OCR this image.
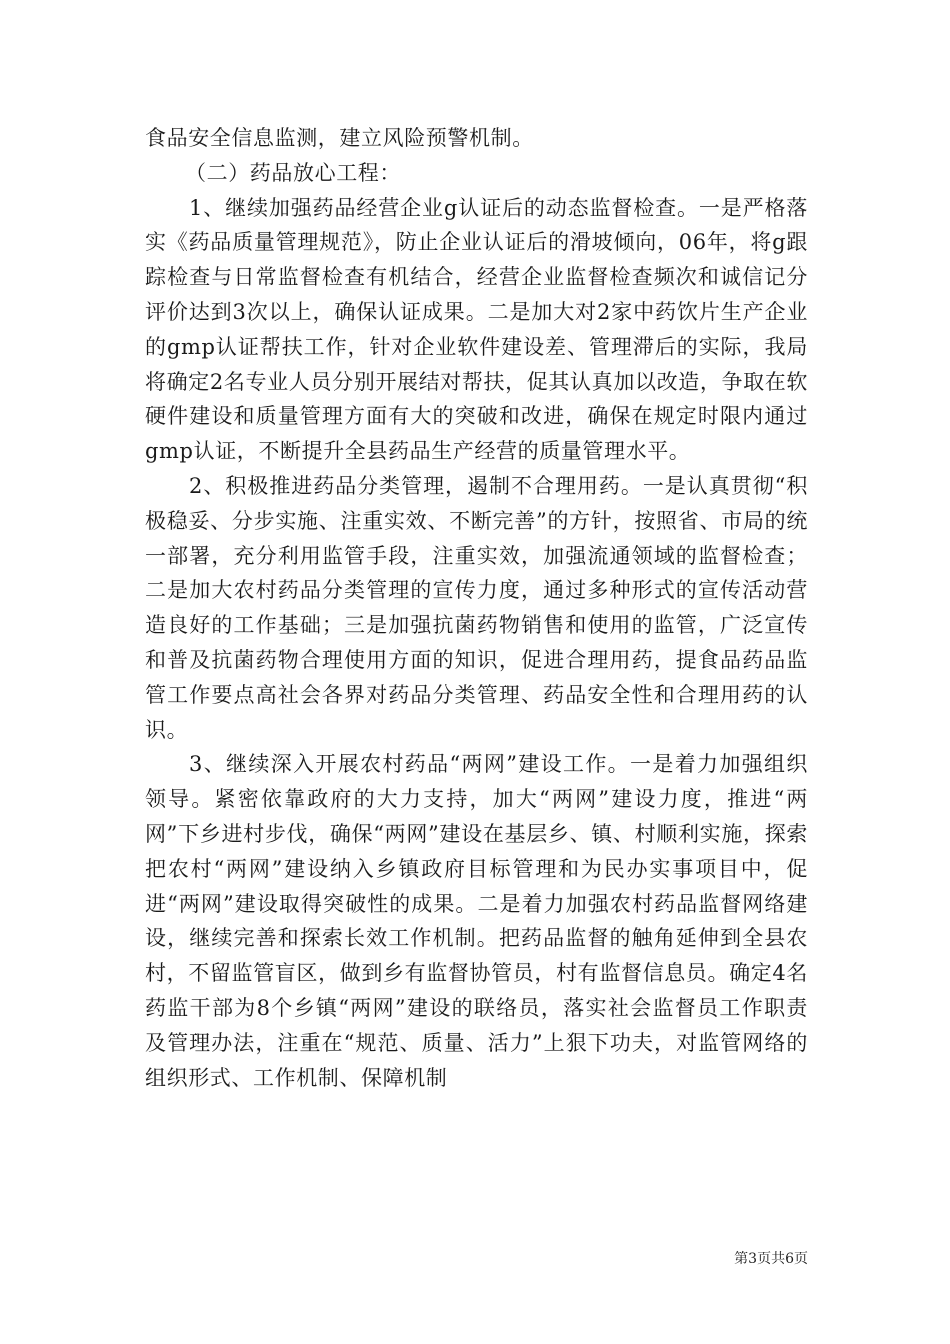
食品安全信息监测，建立风险预警机制。

（二）药品放心工程：

1、继续加强药品经营企业g认证后的动态监督检查。一是严格落实《药品质量管理规范》，防止企业认证后的滑坡倾向，06年，将g跟踪检查与日常监督检查有机结合，经营企业监督检查频次和诚信记分评价达到3次以上，确保认证成果。二是加大对2家中药饮片生产企业的gmp认证帮扶工作，针对企业软件建设差、管理滞后的实际，我局将确定2名专业人员分别开展结对帮扶，促其认真加以改造，争取在软硬件建设和质量管理方面有大的突破和改进，确保在规定时限内通过gmp认证，不断提升全县药品生产经营的质量管理水平。

2、积极推进药品分类管理，遏制不合理用药。一是认真贯彻“积极稳妥、分步实施、注重实效、不断完善”的方针，按照省、市局的统一部署，充分利用监管手段，注重实效，加强流通领域的监督检查；二是加大农村药品分类管理的宣传力度，通过多种形式的宣传活动营造良好的工作基础；三是加强抗菌药物销售和使用的监管，广泛宣传和普及抗菌药物合理使用方面的知识，促进合理用药，提食品药品监管工作要点高社会各界对药品分类管理、药品安全性和合理用药的认识。

3、继续深入开展农村药品“两网”建设工作。一是着力加强组织领导。紧密依靠政府的大力支持，加大“两网”建设力度，推进“两网”下乡进村步伐，确保“两网”建设在基层乡、镇、村顺利实施，探索把农村“两网”建设纳入乡镇政府目标管理和为民办实事项目中，促进“两网”建设取得突破性的成果。二是着力加强农村药品监督网络建设，继续完善和探索长效工作机制。把药品监督的触角延伸到全县农村，不留监管盲区，做到乡有监督协管员，村有监督信息员。确定4名药监干部为8个乡镇“两网”建设的联络员，落实社会监督员工作职责及管理办法，注重在“规范、质量、活力”上狠下功夫，对监管网络的组织形式、工作机制、保障机制

第3页共6页
